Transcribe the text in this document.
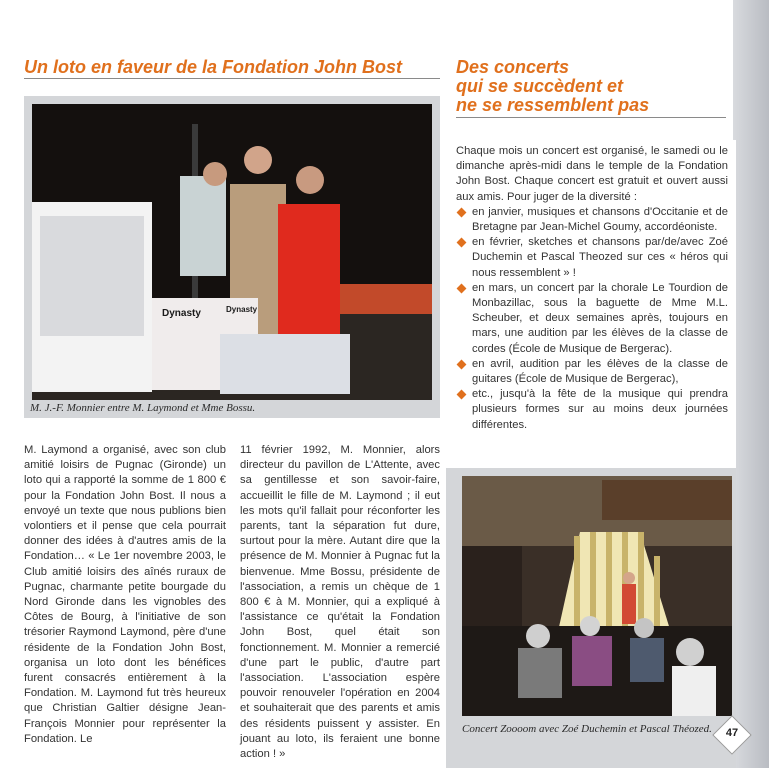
Un loto en faveur de la Fondation John Bost	Des concerts
qui se succèdent et
ne se ressemblent pas
Dynasty	Dynasty
M. J.-F. Monnier entre M. Laymond et Mme Bossu.

M. Laymond a organisé, avec son club amitié loisirs de Pugnac (Gironde) un loto qui a rapporté la somme de 1 800 € pour la Fondation John Bost. Il nous a envoyé un texte que nous publions bien volontiers et il pense que cela pourrait donner des idées à d'autres amis de la Fondation… « Le 1er novembre 2003, le Club amitié loisirs des aînés ruraux de Pugnac, charmante petite bourgade du Nord Gironde dans les vignobles des Côtes de Bourg, à l'initiative de son trésorier Raymond Laymond, père d'une résidente de la Fondation John Bost, organisa un loto dont les bénéfices furent consacrés entièrement à la Fondation. M. Laymond fut très heureux que Christian Galtier désigne Jean-François Monnier pour représenter la Fondation. Le

11 février 1992, M. Monnier, alors directeur du pavillon de L'Attente, avec sa gentillesse et son savoir-faire, accueillit le fille de M. Laymond ; il eut les mots qu'il fallait pour réconforter les parents, tant la séparation fut dure, surtout pour la mère. Autant dire que la présence de M. Monnier à Pugnac fut la bienvenue. Mme Bossu, présidente de l'association, a remis un chèque de 1 800 € à M. Monnier, qui a expliqué à l'assistance ce qu'était la Fondation John Bost, quel était son fonctionnement. M. Monnier a remercié d'une part le public, d'autre part l'association. L'association espère pouvoir renouveler l'opération en 2004 et souhaiterait que des parents et amis des résidents puissent y assister. En jouant au loto, ils feraient une bonne action ! »

Chaque mois un concert est organisé, le samedi ou le dimanche après-midi dans le temple de la Fondation John Bost. Chaque concert est gratuit et ouvert aussi aux amis. Pour juger de la diversité :

en janvier, musiques et chansons d'Occitanie et de Bretagne par Jean-Michel Goumy, accordéoniste.
en février, sketches et chansons par/de/avec Zoé Duchemin et Pascal Theozed sur ces « héros qui nous ressemblent » !
en mars, un concert par la chorale Le Tourdion de Monbazillac, sous la baguette de Mme M.L. Scheuber, et deux semaines après, toujours en mars, une audition par les élèves de la classe de cordes (École de Musique de Bergerac).
en avril, audition par les élèves de la classe de guitares (École de Musique de Bergerac),
etc., jusqu'à la fête de la musique qui prendra plusieurs formes sur au moins deux journées différentes.
Concert Zoooom avec Zoé Duchemin et Pascal Théozed.	47
